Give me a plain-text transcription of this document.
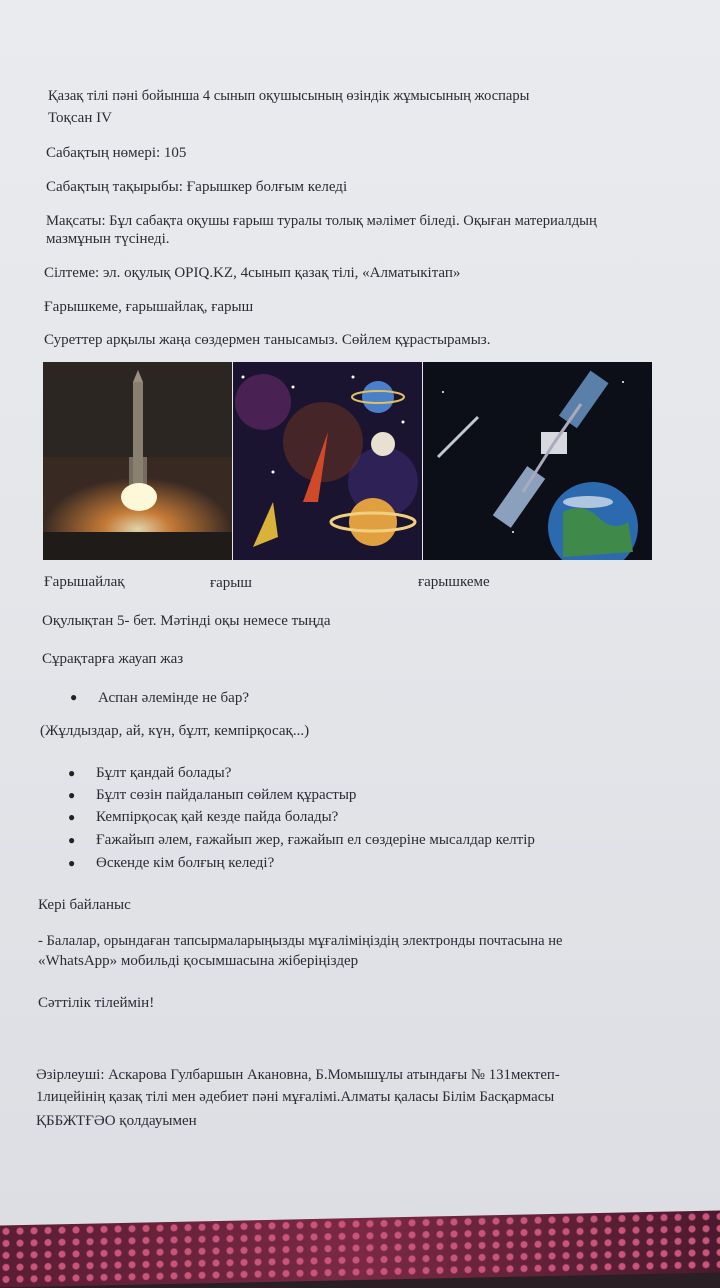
Қазақ тілі пәні бойынша 4 сынып оқушысының өзіндік жұмысының жоспары
Тоқсан IV
Сабақтың нөмері: 105
Сабақтың тақырыбы: Ғарышкер болғым келеді
Мақсаты: Бұл сабақта оқушы ғарыш туралы толық мәлімет біледі. Оқыған материалдың
мазмұнын түсінеді.
Сілтеме: эл. оқулық OPIQ.KZ, 4сынып қазақ тілі, «Алматыкітап»
Ғарышкеме, ғарышайлақ, ғарыш
Суреттер арқылы жаңа сөздермен танысамыз. Сөйлем құрастырамыз.
Ғарышайлақ	ғарыш	ғарышкеме
Оқулықтан 5- бет. Мәтінді оқы немесе тыңда
Сұрақтарға жауап жаз
● Аспан әлемінде не бар?
(Жұлдыздар, ай, күн, бұлт, кемпірқосақ...)
● Бұлт қандай болады?
● Бұлт сөзін пайдаланып сөйлем құрастыр
● Кемпірқосақ қай кезде пайда болады?
● Ғажайып әлем, ғажайып жер, ғажайып ел сөздеріне мысалдар келтір
● Өскенде кім болғың келеді?
Кері байланыс
- Балалар, орындаған тапсырмаларыңызды мұғаліміңіздің электронды почтасына не
«WhatsApp» мобильді қосымшасына жіберіңіздер
Сәттілік тілеймін!
Әзірлеуші: Аскарова Гулбаршын Акановна, Б.Момышұлы атындағы № 131мектеп-
1лицейінің қазақ тілі мен әдебиет пәні мұғалімі.Алматы қаласы Білім Басқармасы
ҚББЖТҒӘО қолдауымен
